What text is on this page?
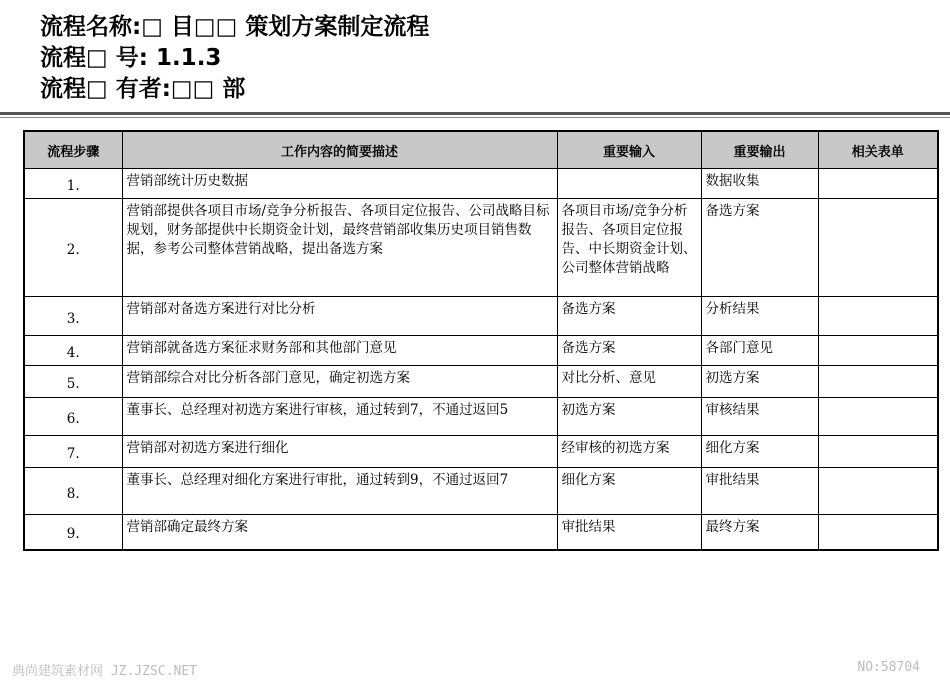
流程名称:□ 目□□ 策划方案制定流程
流程□ 号: 1.1.3
流程□ 有者:□□ 部
流程步骤	工作内容的简要描述	重要输入	重要输出	相关表单
1.	营销部统计历史数据		数据收集	
2.	营销部提供各项目市场/竞争分析报告、各项目定位报告、公司战略目标规划，财务部提供中长期资金计划，最终营销部收集历史项目销售数据，参考公司整体营销战略，提出备选方案	各项目市场/竞争分析报告、各项目定位报告、中长期资金计划、公司整体营销战略	备选方案	
3.	营销部对备选方案进行对比分析	备选方案	分析结果	
4.	营销部就备选方案征求财务部和其他部门意见	备选方案	各部门意见	
5.	营销部综合对比分析各部门意见，确定初选方案	对比分析、意见	初选方案	
6.	董事长、总经理对初选方案进行审核，通过转到7，不通过返回5	初选方案	审核结果	
7.	营销部对初选方案进行细化	经审核的初选方案	细化方案	
8.	董事长、总经理对细化方案进行审批，通过转到9，不通过返回7	细化方案	审批结果	
9.	营销部确定最终方案	审批结果	最终方案	
典尚建筑素材网 JZ.JZSC.NET	NO:58704
